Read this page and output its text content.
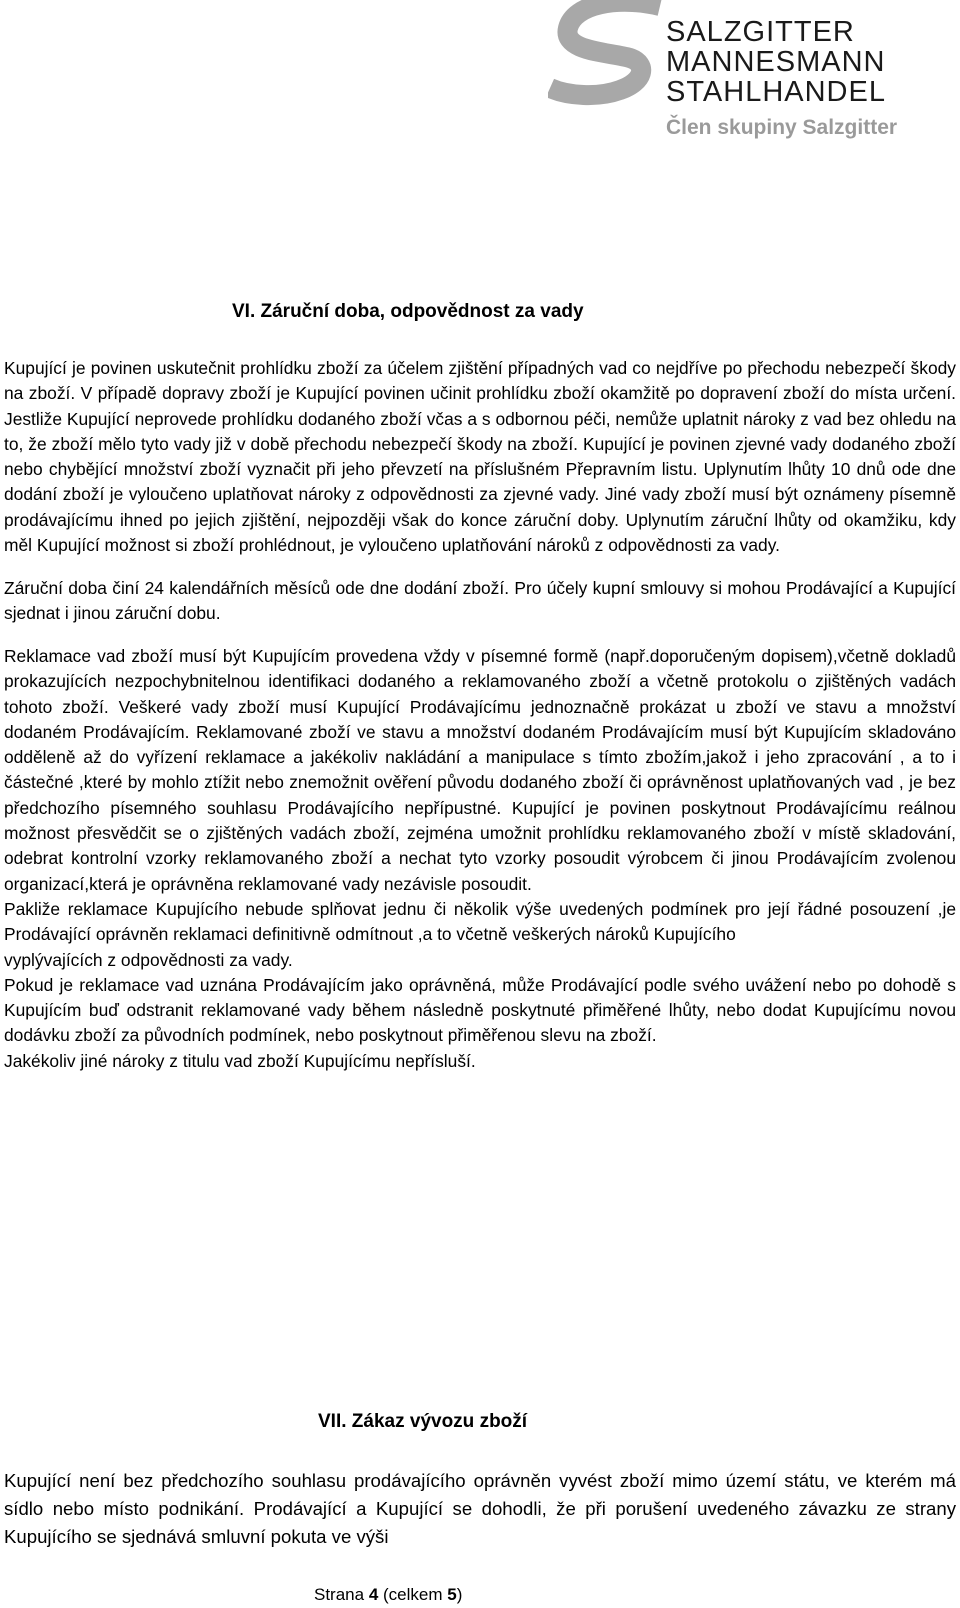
SALZGITTER
MANNESMANN
STAHLHANDEL
Člen skupiny Salzgitter
VI. Záruční doba, odpovědnost za vady

Kupující je povinen uskutečnit prohlídku zboží za účelem zjištění případných vad co nejdříve po přechodu nebezpečí škody na zboží. V případě dopravy zboží je Kupující povinen učinit prohlídku zboží okamžitě po dopravení zboží do místa určení. Jestliže Kupující neprovede prohlídku dodaného zboží včas a s odbornou péči, nemůže uplatnit nároky z vad bez ohledu na to, že zboží mělo tyto vady již v době přechodu nebezpečí škody na zboží. Kupující je povinen zjevné vady dodaného zboží nebo chybějící množství zboží vyznačit při jeho převzetí na příslušném Přepravním listu. Uplynutím lhůty 10 dnů ode dne dodání zboží je vyloučeno uplatňovat nároky z odpovědnosti za zjevné vady. Jiné vady zboží musí být oznámeny písemně prodávajícímu ihned po jejich zjištění, nejpozději však do konce záruční doby. Uplynutím záruční lhůty od okamžiku, kdy měl Kupující možnost si zboží prohlédnout, je vyloučeno uplatňování nároků z odpovědnosti za vady.

Záruční doba činí 24 kalendářních měsíců ode dne dodání zboží. Pro účely kupní smlouvy si mohou Prodávající a Kupující sjednat i jinou záruční dobu.

Reklamace vad zboží musí být Kupujícím provedena vždy v písemné formě (např.doporučeným dopisem),včetně dokladů prokazujících nezpochybnitelnou identifikaci dodaného a reklamovaného zboží a včetně protokolu o zjištěných vadách tohoto zboží. Veškeré vady zboží musí Kupující Prodávajícímu jednoznačně prokázat u zboží ve stavu a množství dodaném Prodávajícím. Reklamované zboží ve stavu a množství dodaném Prodávajícím musí být Kupujícím skladováno odděleně až do vyřízení reklamace a jakékoliv nakládání a manipulace s tímto zbožím,jakož i jeho zpracování , a to i částečné ,které by mohlo ztížit nebo znemožnit ověření původu dodaného zboží či oprávněnost uplatňovaných vad , je bez předchozího písemného souhlasu Prodávajícího nepřípustné. Kupující je povinen poskytnout Prodávajícímu reálnou možnost přesvědčit se o zjištěných vadách zboží, zejména umožnit prohlídku reklamovaného zboží v místě skladování, odebrat kontrolní vzorky reklamovaného zboží a nechat tyto vzorky posoudit výrobcem či jinou Prodávajícím zvolenou organizací,která je oprávněna reklamované vady nezávisle posoudit.

Pakliže reklamace Kupujícího nebude splňovat jednu či několik výše uvedených podmínek pro její řádné posouzení ,je Prodávající oprávněn reklamaci definitivně odmítnout ,a to včetně veškerých nároků Kupujícího

vyplývajících z odpovědnosti za vady.

Pokud je reklamace vad uznána Prodávajícím jako oprávněná, může Prodávající podle svého uvážení nebo po dohodě s Kupujícím buď odstranit reklamované vady během následně poskytnuté přiměřené lhůty, nebo dodat Kupujícímu novou dodávku zboží za původních podmínek, nebo poskytnout přiměřenou slevu na zboží.

Jakékoliv jiné nároky z titulu vad zboží Kupujícímu nepřísluší.

VII. Zákaz vývozu zboží

Kupující není bez předchozího souhlasu prodávajícího oprávněn vyvést zboží mimo území státu, ve kterém má sídlo nebo místo podnikání. Prodávající a Kupující se dohodli, že při porušení uvedeného závazku ze strany Kupujícího se sjednává smluvní pokuta ve výši

Strana 4 (celkem 5)
